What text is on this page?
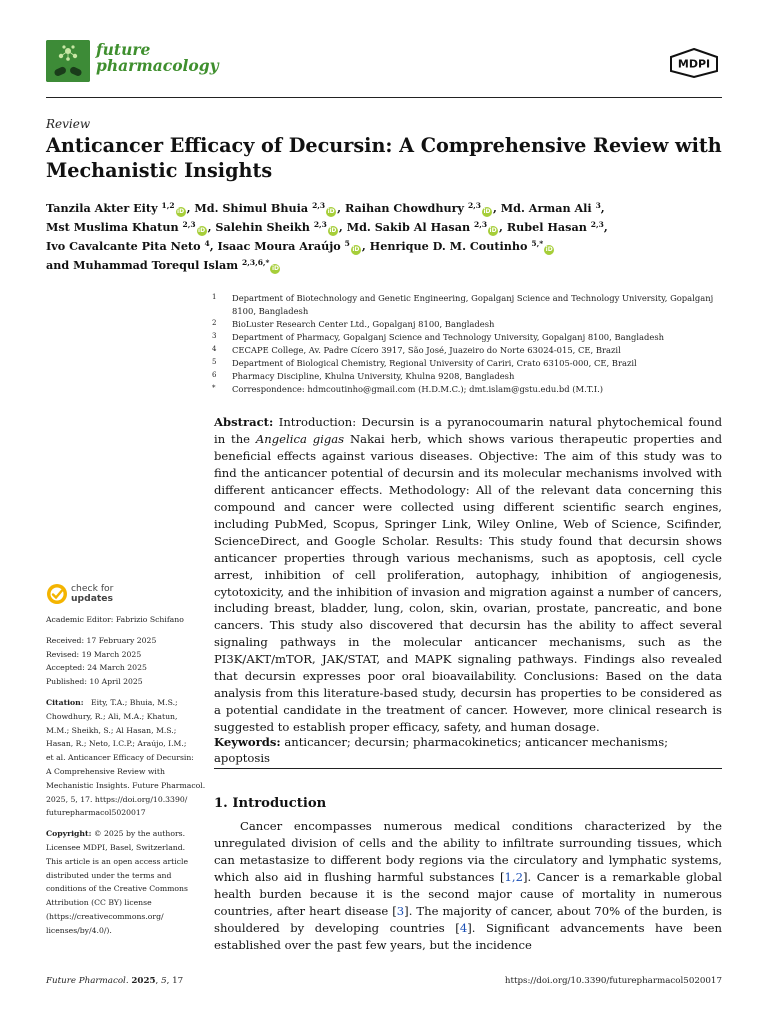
future
pharmacology	MDPI
Review
Anticancer Efficacy of Decursin: A Comprehensive Review with Mechanistic Insights
Tanzila Akter Eity $^{1,2}$iD , Md. Shimul Bhuia $^{2,3}$iD , Raihan Chowdhury $^{2,3}$iD , Md. Arman Ali $^3$,
Mst Muslima Khatun $^{2,3}$iD , Salehin Sheikh $^{2,3}$iD , Md. Sakib Al Hasan $^{2,3}$iD , Rubel Hasan $^{2,3}$,
Ivo Cavalcante Pita Neto $^4$, Isaac Moura Araújo $^5$iD , Henrique D. M. Coutinho $^{5,*}$iD
and Muhammad Torequl Islam $^{2,3,6,*}$iD
1 Department of Biotechnology and Genetic Engineering, Gopalganj Science and Technology University, Gopalganj 8100, Bangladesh
2 BioLuster Research Center Ltd., Gopalganj 8100, Bangladesh
3 Department of Pharmacy, Gopalganj Science and Technology University, Gopalganj 8100, Bangladesh
4 CECAPE College, Av. Padre Cícero 3917, São José, Juazeiro do Norte 63024-015, CE, Brazil
5 Department of Biological Chemistry, Regional University of Cariri, Crato 63105-000, CE, Brazil
6 Pharmacy Discipline, Khulna University, Khulna 9208, Bangladesh
* Correspondence: hdmcoutinho@gmail.com (H.D.M.C.); dmt.islam@gstu.edu.bd (M.T.I.)
Abstract: Introduction: Decursin is a pyranocoumarin natural phytochemical found in the Angelica gigas Nakai herb, which shows various therapeutic properties and beneficial effects against various diseases. Objective: The aim of this study was to find the anticancer potential of decursin and its molecular mechanisms involved with different anticancer effects. Methodology: All of the relevant data concerning this compound and cancer were collected using different scientific search engines, including PubMed, Scopus, Springer Link, Wiley Online, Web of Science, Scifinder, ScienceDirect, and Google Scholar. Results: This study found that decursin shows anticancer properties through various mechanisms, such as apoptosis, cell cycle arrest, inhibition of cell proliferation, autophagy, inhibition of angiogenesis, cytotoxicity, and the inhibition of invasion and migration against a number of cancers, including breast, bladder, lung, colon, skin, ovarian, prostate, pancreatic, and bone cancers. This study also discovered that decursin has the ability to affect several signaling pathways in the molecular anticancer mechanisms, such as the PI3K/AKT/mTOR, JAK/STAT, and MAPK signaling pathways. Findings also revealed that decursin expresses poor oral bioavailability. Conclusions: Based on the data analysis from this literature-based study, decursin has properties to be considered as a potential candidate in the treatment of cancer. However, more clinical research is suggested to establish proper efficacy, safety, and human dosage.
Keywords: anticancer; decursin; pharmacokinetics; anticancer mechanisms; apoptosis
check for
updates
Academic Editor: Fabrizio Schifano
Received: 17 February 2025
Revised: 19 March 2025
Accepted: 24 March 2025
Published: 10 April 2025
Citation: Eity, T.A.; Bhuia, M.S.;
Chowdhury, R.; Ali, M.A.; Khatun,
M.M.; Sheikh, S.; Al Hasan, M.S.;
Hasan, R.; Neto, I.C.P.; Araújo, I.M.;
et al. Anticancer Efficacy of Decursin:
A Comprehensive Review with
Mechanistic Insights. Future Pharmacol.
2025, 5, 17. https://doi.org/10.3390/
futurepharmacol5020017
Copyright: © 2025 by the authors.
Licensee MDPI, Basel, Switzerland.
This article is an open access article
distributed under the terms and
conditions of the Creative Commons
Attribution (CC BY) license
(https://creativecommons.org/
licenses/by/4.0/).
1. Introduction
Cancer encompasses numerous medical conditions characterized by the unregulated division of cells and the ability to infiltrate surrounding tissues, which can metastasize to different body regions via the circulatory and lymphatic systems, which also aid in flushing harmful substances [1,2]. Cancer is a remarkable global health burden because it is the second major cause of mortality in numerous countries, after heart disease [3]. The majority of cancer, about 70% of the burden, is shouldered by developing countries [4]. Significant advancements have been established over the past few years, but the incidence
Future Pharmacol. 2025, 5, 17	https://doi.org/10.3390/futurepharmacol5020017
